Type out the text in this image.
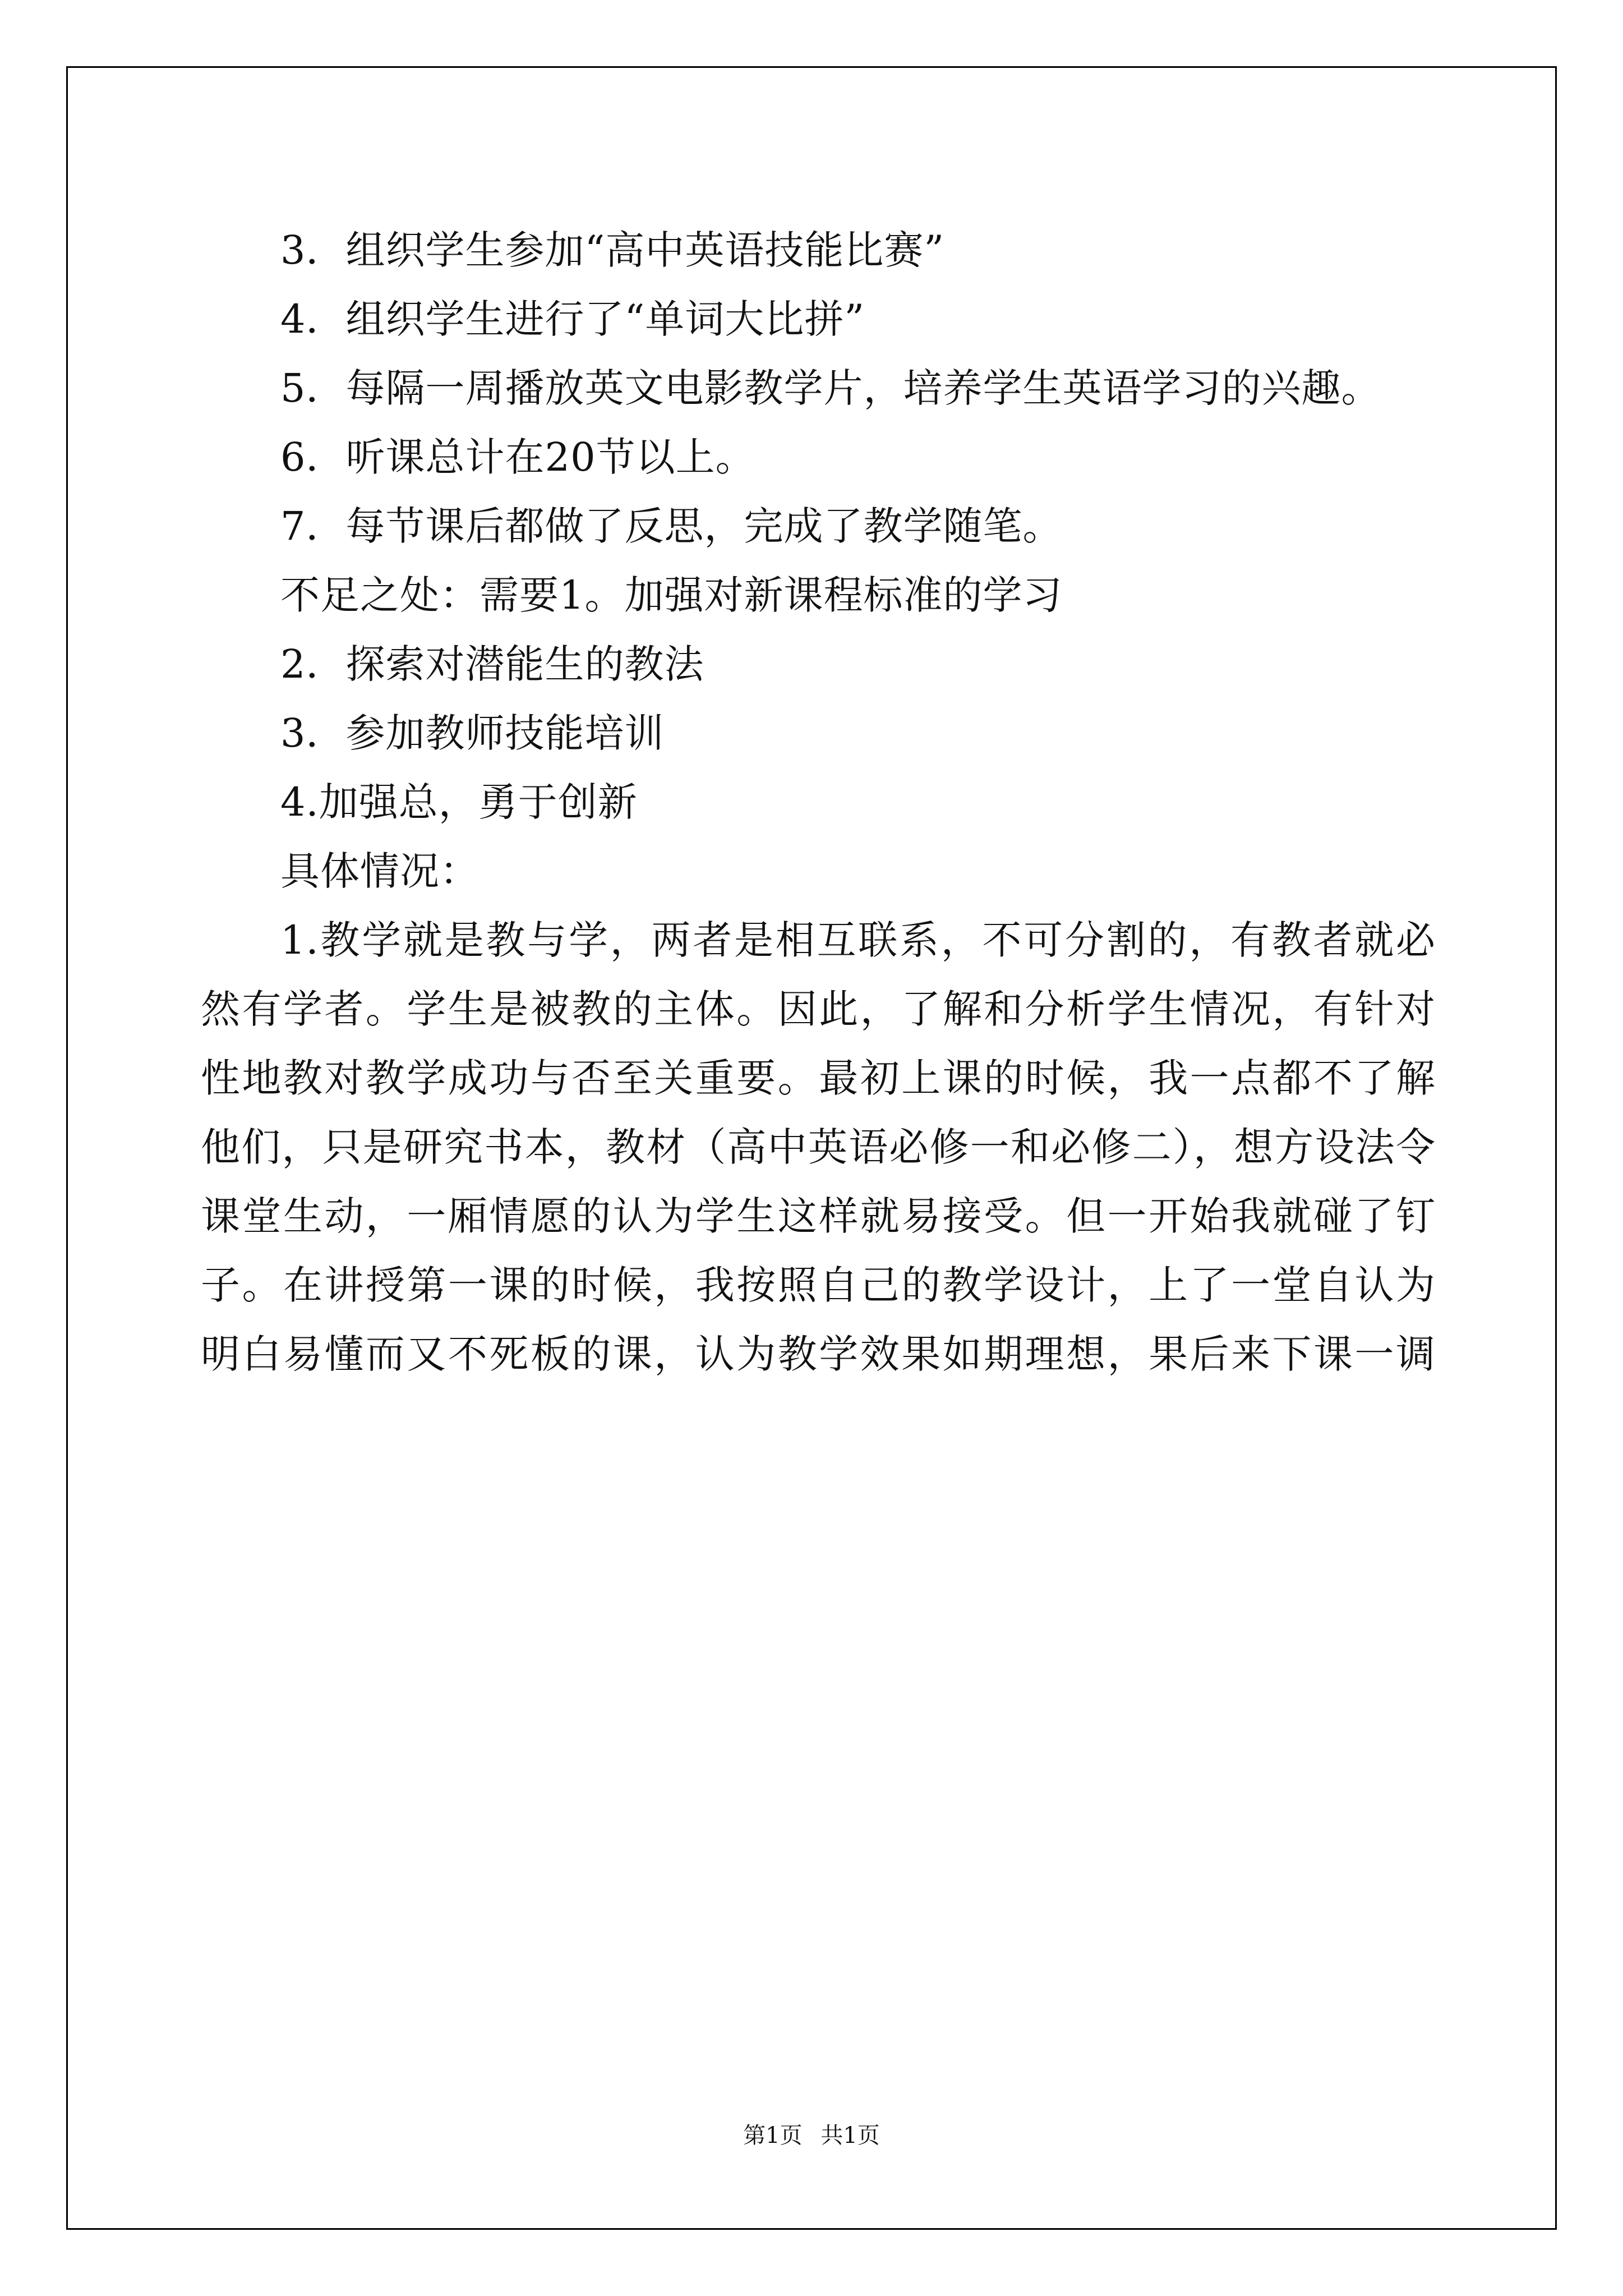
3．组织学生参加“高中英语技能比赛”
4．组织学生进行了“单词大比拼”
5．每隔一周播放英文电影教学片，培养学生英语学习的兴趣。
6．听课总计在20节以上。
7．每节课后都做了反思，完成了教学随笔。
不足之处：需要1。加强对新课程标准的学习
2．探索对潜能生的教法
3．参加教师技能培训
4.加强总，勇于创新
具体情况：
1.教学就是教与学，两者是相互联系，不可分割的，有教者就必
然有学者。学生是被教的主体。因此，了解和分析学生情况，有针对
性地教对教学成功与否至关重要。最初上课的时候，我一点都不了解
他们，只是研究书本，教材（高中英语必修一和必修二），想方设法令
课堂生动，一厢情愿的认为学生这样就易接受。但一开始我就碰了钉
子。在讲授第一课的时候，我按照自己的教学设计，上了一堂自认为
明白易懂而又不死板的课，认为教学效果如期理想，果后来下课一调
第1页 共1页
